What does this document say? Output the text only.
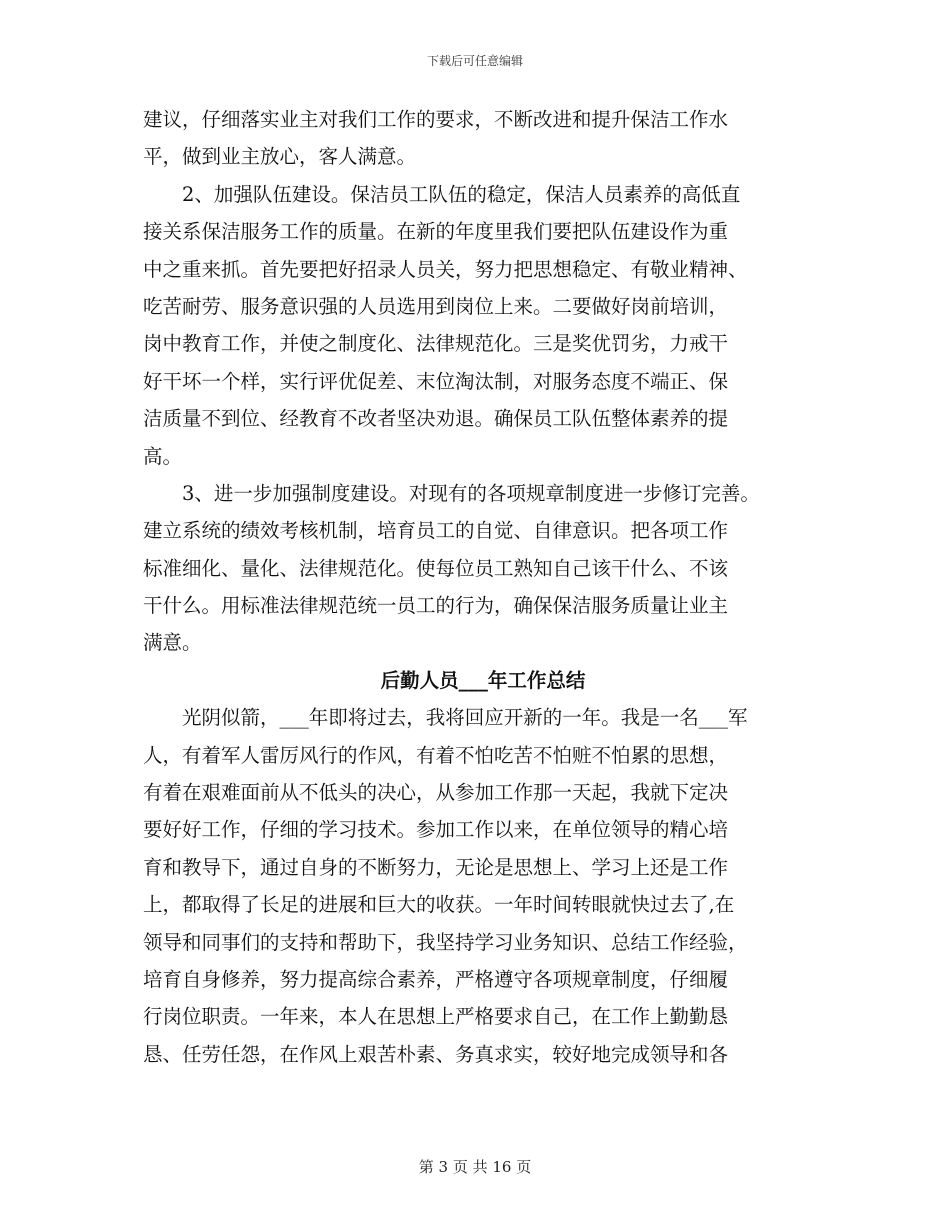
下载后可任意编辑
建议，仔细落实业主对我们工作的要求，不断改进和提升保洁工作水
平，做到业主放心，客人满意。
2、加强队伍建设。保洁员工队伍的稳定，保洁人员素养的高低直
接关系保洁服务工作的质量。在新的年度里我们要把队伍建设作为重
中之重来抓。首先要把好招录人员关，努力把思想稳定、有敬业精神、
吃苦耐劳、服务意识强的人员选用到岗位上来。二要做好岗前培训，
岗中教育工作，并使之制度化、法律规范化。三是奖优罚劣，力戒干
好干坏一个样，实行评优促差、末位淘汰制，对服务态度不端正、保
洁质量不到位、经教育不改者坚决劝退。确保员工队伍整体素养的提
高。
3、进一步加强制度建设。对现有的各项规章制度进一步修订完善。
建立系统的绩效考核机制，培育员工的自觉、自律意识。把各项工作
标准细化、量化、法律规范化。使每位员工熟知自己该干什么、不该
干什么。用标准法律规范统一员工的行为，确保保洁服务质量让业主
满意。
后勤人员___年工作总结
光阴似箭，___年即将过去，我将回应开新的一年。我是一名___军
人，有着军人雷厉风行的作风，有着不怕吃苦不怕赃不怕累的思想，
有着在艰难面前从不低头的决心，从参加工作那一天起，我就下定决
要好好工作，仔细的学习技术。参加工作以来，在单位领导的精心培
育和教导下，通过自身的不断努力，无论是思想上、学习上还是工作
上，都取得了长足的进展和巨大的收获。一年时间转眼就快过去了,在
领导和同事们的支持和帮助下，我坚持学习业务知识、总结工作经验，
培育自身修养，努力提高综合素养，严格遵守各项规章制度，仔细履
行岗位职责。一年来，本人在思想上严格要求自己，在工作上勤勤恳
恳、任劳任怨，在作风上艰苦朴素、务真求实，较好地完成领导和各
第 3 页 共 16 页
